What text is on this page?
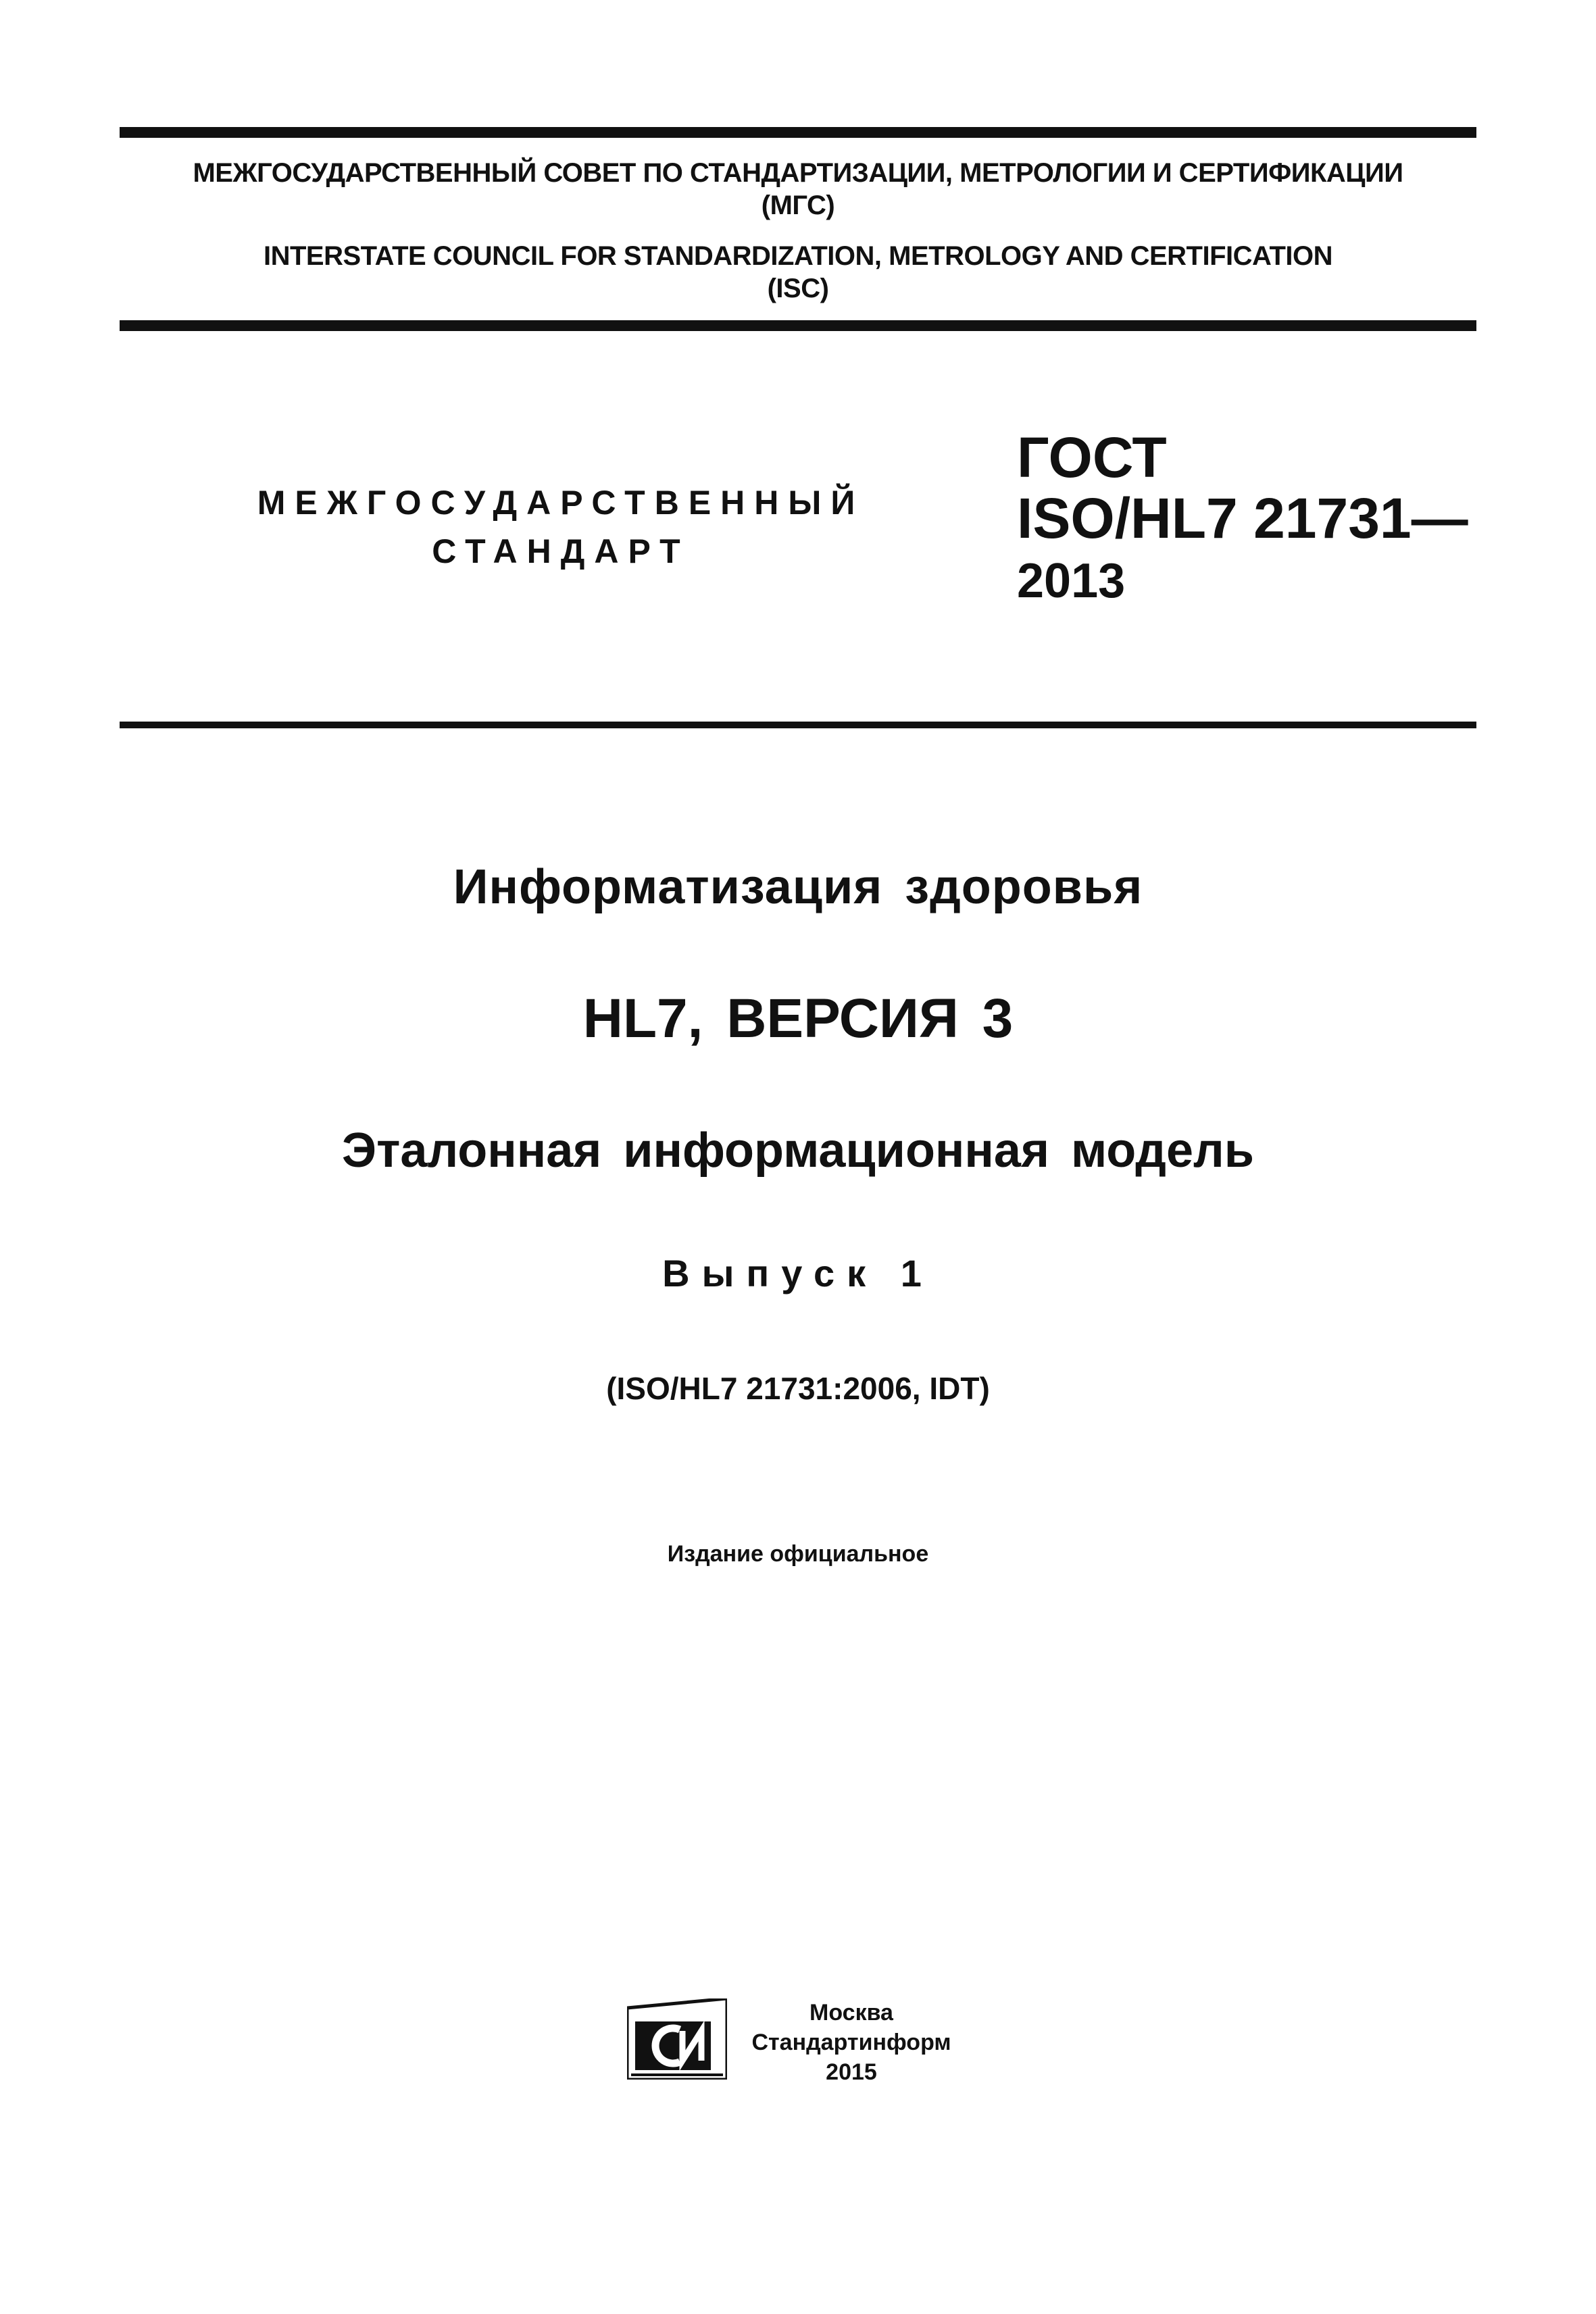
МЕЖГОСУДАРСТВЕННЫЙ СОВЕТ ПО СТАНДАРТИЗАЦИИ, МЕТРОЛОГИИ И СЕРТИФИКАЦИИ
(МГС)
INTERSTATE COUNCIL FOR STANDARDIZATION, METROLOGY AND CERTIFICATION
(ISC)
МЕЖГОСУДАРСТВЕННЫЙ
СТАНДАРТ
ГОСТ
ISO/HL7 21731—
2013
Информатизация здоровья
HL7, ВЕРСИЯ 3
Эталонная информационная модель
Выпуск 1
(ISO/HL7 21731:2006, IDT)
Издание официальное
Москва
Стандартинформ
2015
